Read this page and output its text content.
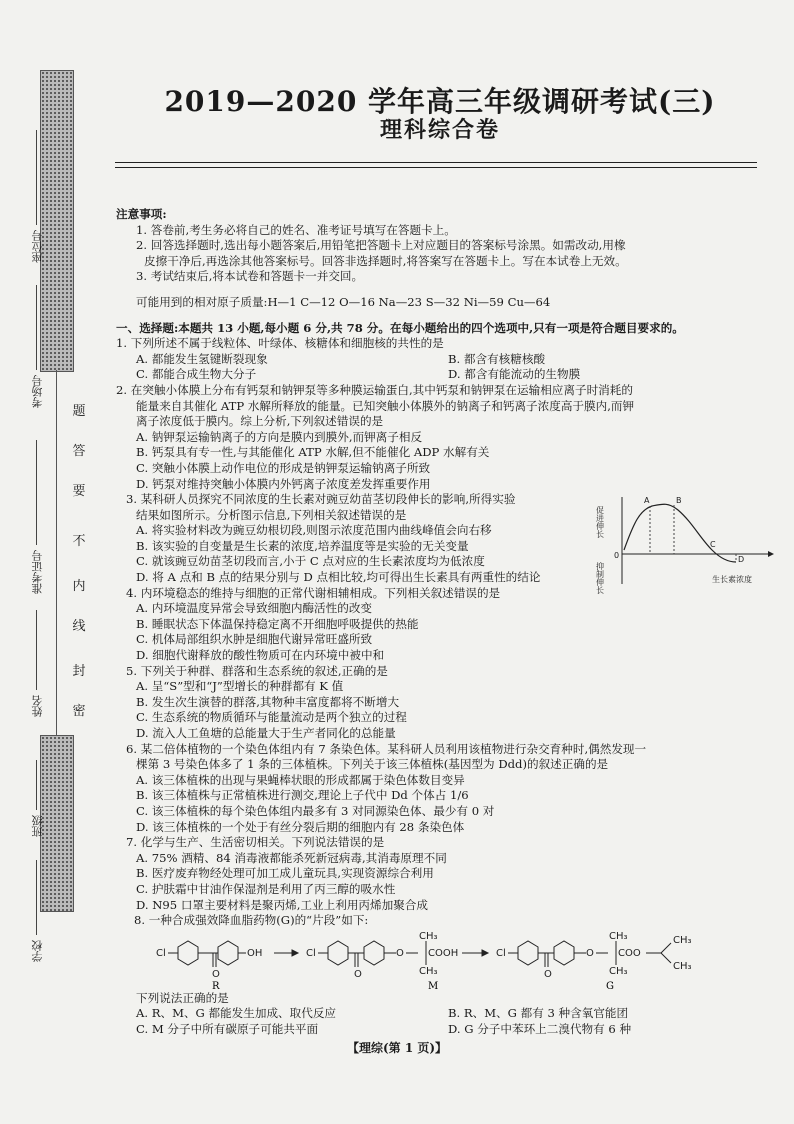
题
答
要
不
内
线
封
密
座位号
考场号
准考证号
姓名
班级
学校
2019—2020 学年高三年级调研考试(三)
理科综合卷

注意事项:

1. 答卷前,考生务必将自己的姓名、准考证号填写在答题卡上。

2. 回答选择题时,选出每小题答案后,用铅笔把答题卡上对应题目的答案标号涂黑。如需改动,用橡

皮擦干净后,再选涂其他答案标号。回答非选择题时,将答案写在答题卡上。写在本试卷上无效。

3. 考试结束后,将本试卷和答题卡一并交回。

可能用到的相对原子质量:H—1 C—12 O—16 Na—23 S—32 Ni—59 Cu—64

一、选择题:本题共 13 小题,每小题 6 分,共 78 分。在每小题给出的四个选项中,只有一项是符合题目要求的。

1. 下列所述不属于线粒体、叶绿体、核糖体和细胞核的共性的是

A. 都能发生氢键断裂现象	B. 都含有核糖核酸
C. 都能合成生物大分子	D. 都含有能流动的生物膜

2. 在突触小体膜上分布有钙泵和钠钾泵等多种膜运输蛋白,其中钙泵和钠钾泵在运输相应离子时消耗的

能量来自其催化 ATP 水解所释放的能量。已知突触小体膜外的钠离子和钙离子浓度高于膜内,而钾

离子浓度低于膜内。综上分析,下列叙述错误的是

A. 钠钾泵运输钠离子的方向是膜内到膜外,而钾离子相反

B. 钙泵具有专一性,与其能催化 ATP 水解,但不能催化 ADP 水解有关

C. 突触小体膜上动作电位的形成是钠钾泵运输钠离子所致

D. 钙泵对维持突触小体膜内外钙离子浓度差发挥重要作用

3. 某科研人员探究不同浓度的生长素对豌豆幼苗茎切段伸长的影响,所得实验

结果如图所示。分析图示信息,下列相关叙述错误的是

A. 将实验材料改为豌豆幼根切段,则图示浓度范围内曲线峰值会向右移

B. 该实验的自变量是生长素的浓度,培养温度等是实验的无关变量

C. 就该豌豆幼苗茎切段而言,小于 C 点对应的生长素浓度均为低浓度

D. 将 A 点和 B 点的结果分别与 D 点相比较,均可得出生长素具有两重性的结论

4. 内环境稳态的维持与细胞的正常代谢相辅相成。下列相关叙述错误的是

A. 内环境温度异常会导致细胞内酶活性的改变

B. 睡眠状态下体温保持稳定离不开细胞呼吸提供的热能

C. 机体局部组织水肿是细胞代谢异常旺盛所致

D. 细胞代谢释放的酸性物质可在内环境中被中和

5. 下列关于种群、群落和生态系统的叙述,正确的是

A. 呈“S”型和“J”型增长的种群都有 K 值

B. 发生次生演替的群落,其物种丰富度都将不断增大

C. 生态系统的物质循环与能量流动是两个独立的过程

D. 流入人工鱼塘的总能量大于生产者同化的总能量

6. 某二倍体植物的一个染色体组内有 7 条染色体。某科研人员利用该植物进行杂交育种时,偶然发现一

棵第 3 号染色体多了 1 条的三体植株。下列关于该三体植株(基因型为 Ddd)的叙述正确的是

A. 该三体植株的出现与果蝇棒状眼的形成都属于染色体数目变异

B. 该三体植株与正常植株进行测交,理论上子代中 Dd 个体占 1/6

C. 该三体植株的每个染色体组内最多有 3 对同源染色体、最少有 0 对

D. 该三体植株的一个处于有丝分裂后期的细胞内有 28 条染色体

7. 化学与生产、生活密切相关。下列说法错误的是

A. 75% 酒精、84 消毒液都能杀死新冠病毒,其消毒原理不同

B. 医疗废弃物经处理可加工成儿童玩具,实现资源综合利用

C. 护肤霜中甘油作保湿剂是利用了丙三醇的吸水性

D. N95 口罩主要材料是聚丙烯,工业上利用丙烯加聚合成

8. 一种合成强效降血脂药物(G)的“片段”如下:

Cl	OH	Cl	O
CH₃
COOH
CH₃
Cl	O
CH₃
COO
CH₃
CH₃
CH₃
O	O	O
R	M	G

下列说法正确的是

A. R、M、G 都能发生加成、取代反应	B. R、M、G 都有 3 种含氧官能团
C. M 分子中所有碳原子可能共平面	D. G 分子中苯环上二溴代物有 6 种
促进伸长
抑制伸长
0
A	B
C
D
生长素浓度
【理综(第 1 页)】
